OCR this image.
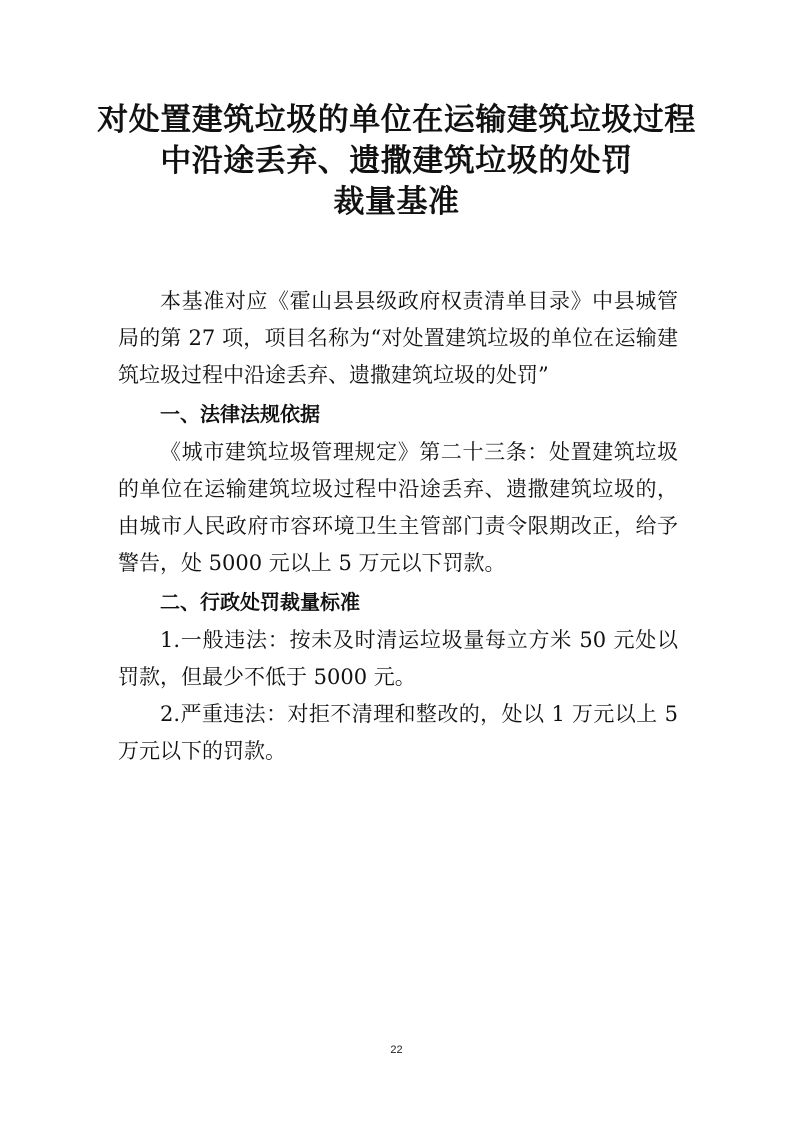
对处置建筑垃圾的单位在运输建筑垃圾过程
中沿途丢弃、遗撒建筑垃圾的处罚
裁量基准

本基准对应《霍山县县级政府权责清单目录》中县城管局的第 27 项，项目名称为“对处置建筑垃圾的单位在运输建筑垃圾过程中沿途丢弃、遗撒建筑垃圾的处罚”

一、法律法规依据

《城市建筑垃圾管理规定》第二十三条：处置建筑垃圾的单位在运输建筑垃圾过程中沿途丢弃、遗撒建筑垃圾的，由城市人民政府市容环境卫生主管部门责令限期改正，给予警告，处 5000 元以上 5 万元以下罚款。

二、行政处罚裁量标准

1.一般违法：按未及时清运垃圾量每立方米 50 元处以罚款，但最少不低于 5000 元。

2.严重违法：对拒不清理和整改的，处以 1 万元以上 5 万元以下的罚款。

22
